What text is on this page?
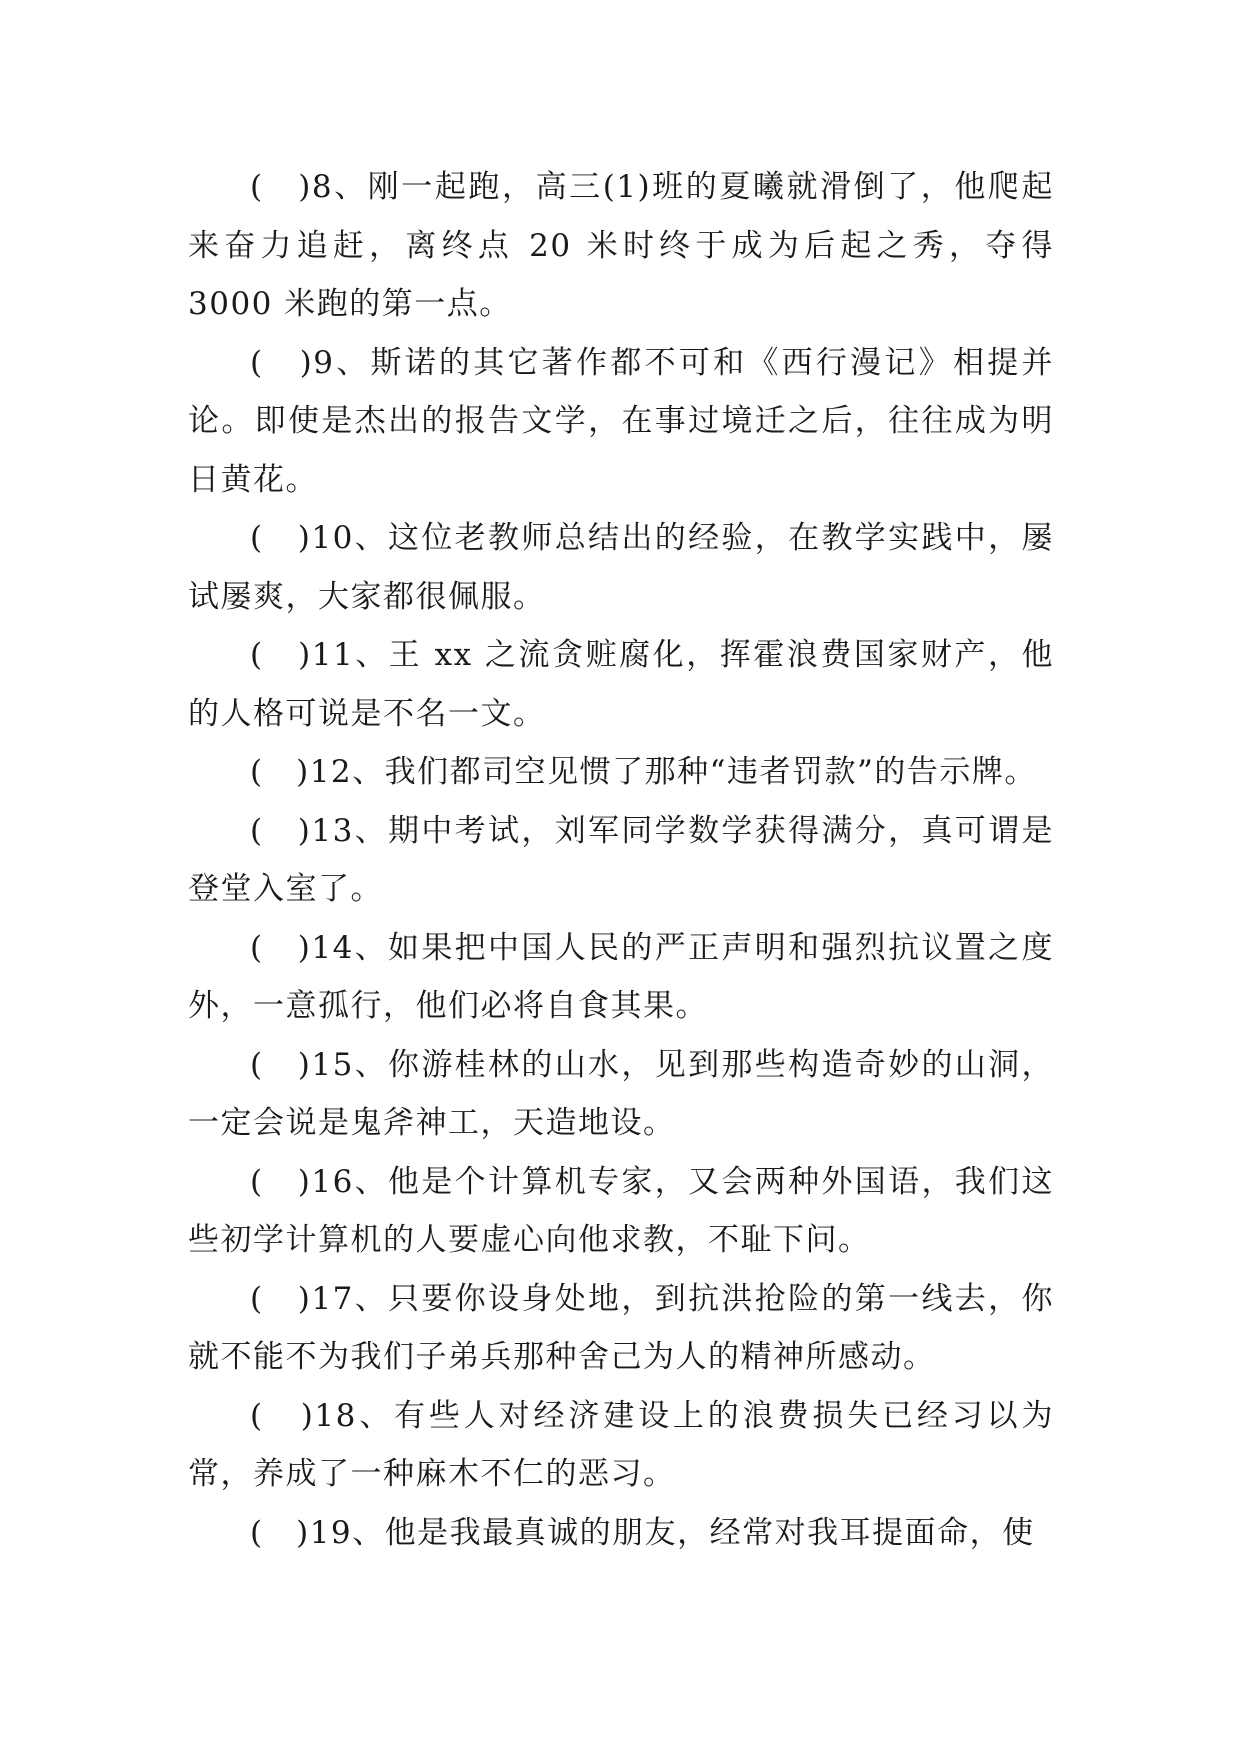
(　)8、刚一起跑，高三(1)班的夏曦就滑倒了，他爬起来奋力追赶，离终点 20 米时终于成为后起之秀，夺得 3000 米跑的第一点。

(　)9、斯诺的其它著作都不可和《西行漫记》相提并论。即使是杰出的报告文学，在事过境迁之后，往往成为明日黄花。

(　)10、这位老教师总结出的经验，在教学实践中，屡试屡爽，大家都很佩服。

(　)11、王 xx 之流贪赃腐化，挥霍浪费国家财产，他的人格可说是不名一文。

(　)12、我们都司空见惯了那种“违者罚款”的告示牌。

(　)13、期中考试，刘军同学数学获得满分，真可谓是登堂入室了。

(　)14、如果把中国人民的严正声明和强烈抗议置之度外，一意孤行，他们必将自食其果。

(　)15、你游桂林的山水，见到那些构造奇妙的山洞，一定会说是鬼斧神工，天造地设。

(　)16、他是个计算机专家，又会两种外国语，我们这些初学计算机的人要虚心向他求教，不耻下问。

(　)17、只要你设身处地，到抗洪抢险的第一线去，你就不能不为我们子弟兵那种舍己为人的精神所感动。

(　)18、有些人对经济建设上的浪费损失已经习以为常，养成了一种麻木不仁的恶习。

(　)19、他是我最真诚的朋友，经常对我耳提面命，使
